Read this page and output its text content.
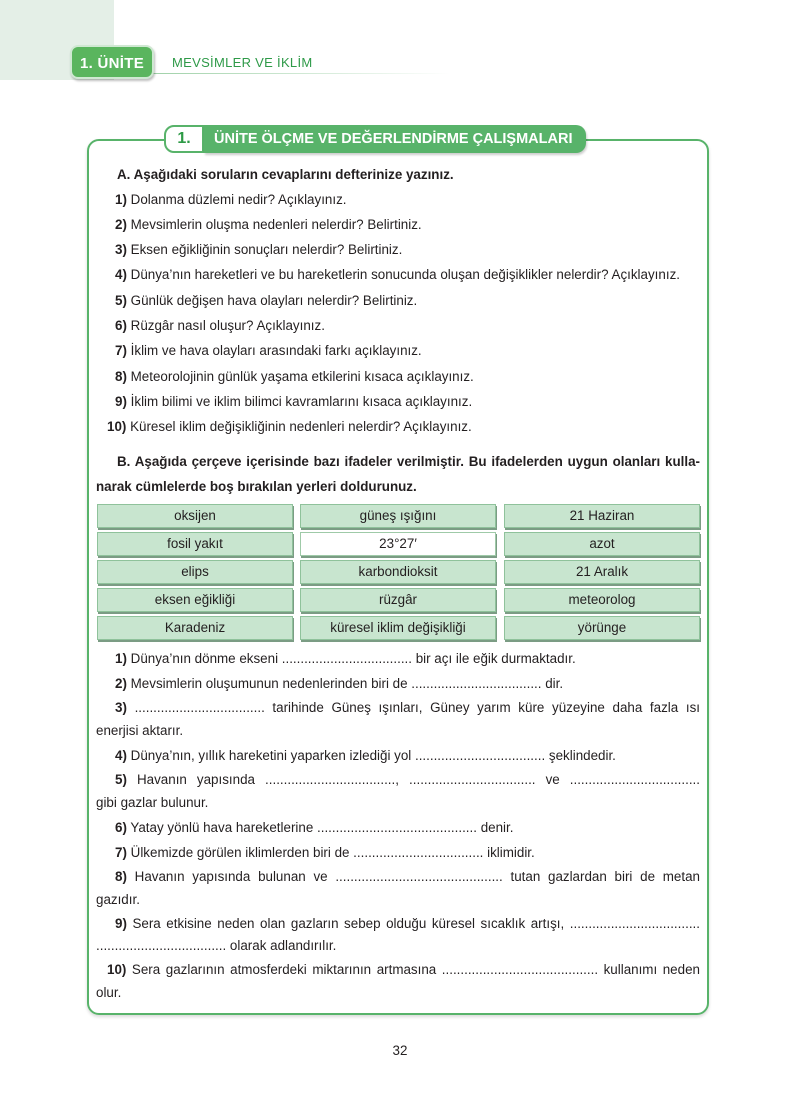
1. ÜNİTE	MEVSİMLER VE İKLİM
1.	ÜNİTE ÖLÇME VE DEĞERLENDİRME ÇALIŞMALARI
A. Aşağıdaki soruların cevaplarını defterinize yazınız.
1) Dolanma düzlemi nedir? Açıklayınız.
2) Mevsimlerin oluşma nedenleri nelerdir? Belirtiniz.
3) Eksen eğikliğinin sonuçları nelerdir? Belirtiniz.
4) Dünya’nın hareketleri ve bu hareketlerin sonucunda oluşan değişiklikler nelerdir? Açıklayınız.
5) Günlük değişen hava olayları nelerdir? Belirtiniz.
6) Rüzgâr nasıl oluşur? Açıklayınız.
7) İklim ve hava olayları arasındaki farkı açıklayınız.
8) Meteorolojinin günlük yaşama etkilerini kısaca açıklayınız.
9) İklim bilimi ve iklim bilimci kavramlarını kısaca açıklayınız.
10) Küresel iklim değişikliğinin nedenleri nelerdir? Açıklayınız.
B. Aşağıda çerçeve içerisinde bazı ifadeler verilmiştir. Bu ifadelerden uygun olanları kulla-
narak cümlelerde boş bırakılan yerleri doldurunuz.
oksijen	güneş ışığını	21 Haziran
fosil yakıt	23°27′	azot
elips	karbondioksit	21 Aralık
eksen eğikliği	rüzgâr	meteorolog
Karadeniz	küresel iklim değişikliği	yörünge
1) Dünya’nın dönme ekseni ................................... bir açı ile eğik durmaktadır.
2) Mevsimlerin oluşumunun nedenlerinden biri de ................................... dir.
3) ................................... tarihinde Güneş ışınları, Güney yarım küre yüzeyine daha fazla ısı
enerjisi aktarır.
4) Dünya’nın, yıllık hareketini yaparken izlediği yol ................................... şeklindedir.
5) Havanın yapısında ..................................., .................................. ve ...................................
gibi gazlar bulunur.
6) Yatay yönlü hava hareketlerine ........................................... denir.
7) Ülkemizde görülen iklimlerden biri de ................................... iklimidir.
8) Havanın yapısında bulunan ve ............................................. tutan gazlardan biri de metan
gazıdır.
9) Sera etkisine neden olan gazların sebep olduğu küresel sıcaklık artışı, ...................................
................................... olarak adlandırılır.
10) Sera gazlarının atmosferdeki miktarının artmasına .......................................... kullanımı neden
olur.
32
